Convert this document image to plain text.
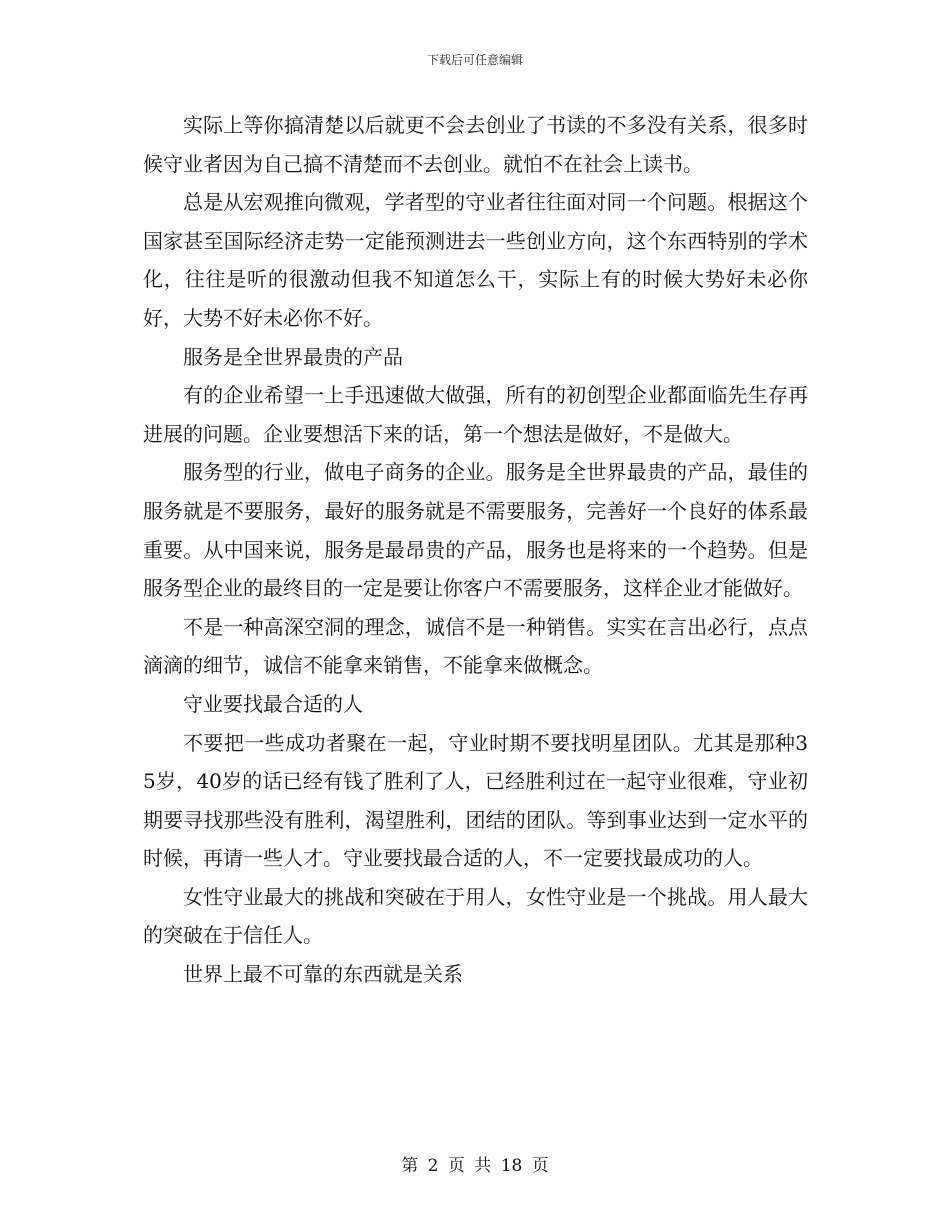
下载后可任意编辑

实际上等你搞清楚以后就更不会去创业了书读的不多没有关系，很多时候守业者因为自己搞不清楚而不去创业。就怕不在社会上读书。

总是从宏观推向微观，学者型的守业者往往面对同一个问题。根据这个国家甚至国际经济走势一定能预测进去一些创业方向，这个东西特别的学术化，往往是听的很激动但我不知道怎么干，实际上有的时候大势好未必你好，大势不好未必你不好。

服务是全世界最贵的产品

有的企业希望一上手迅速做大做强，所有的初创型企业都面临先生存再进展的问题。企业要想活下来的话，第一个想法是做好，不是做大。

服务型的行业，做电子商务的企业。服务是全世界最贵的产品，最佳的服务就是不要服务，最好的服务就是不需要服务，完善好一个良好的体系最重要。从中国来说，服务是最昂贵的产品，服务也是将来的一个趋势。但是服务型企业的最终目的一定是要让你客户不需要服务，这样企业才能做好。

不是一种高深空洞的理念，诚信不是一种销售。实实在言出必行，点点滴滴的细节，诚信不能拿来销售，不能拿来做概念。

守业要找最合适的人

不要把一些成功者聚在一起，守业时期不要找明星团队。尤其是那种35岁，40岁的话已经有钱了胜利了人，已经胜利过在一起守业很难，守业初期要寻找那些没有胜利，渴望胜利，团结的团队。等到事业达到一定水平的时候，再请一些人才。守业要找最合适的人，不一定要找最成功的人。

女性守业最大的挑战和突破在于用人，女性守业是一个挑战。用人最大的突破在于信任人。

世界上最不可靠的东西就是关系

第 2 页 共 18 页
